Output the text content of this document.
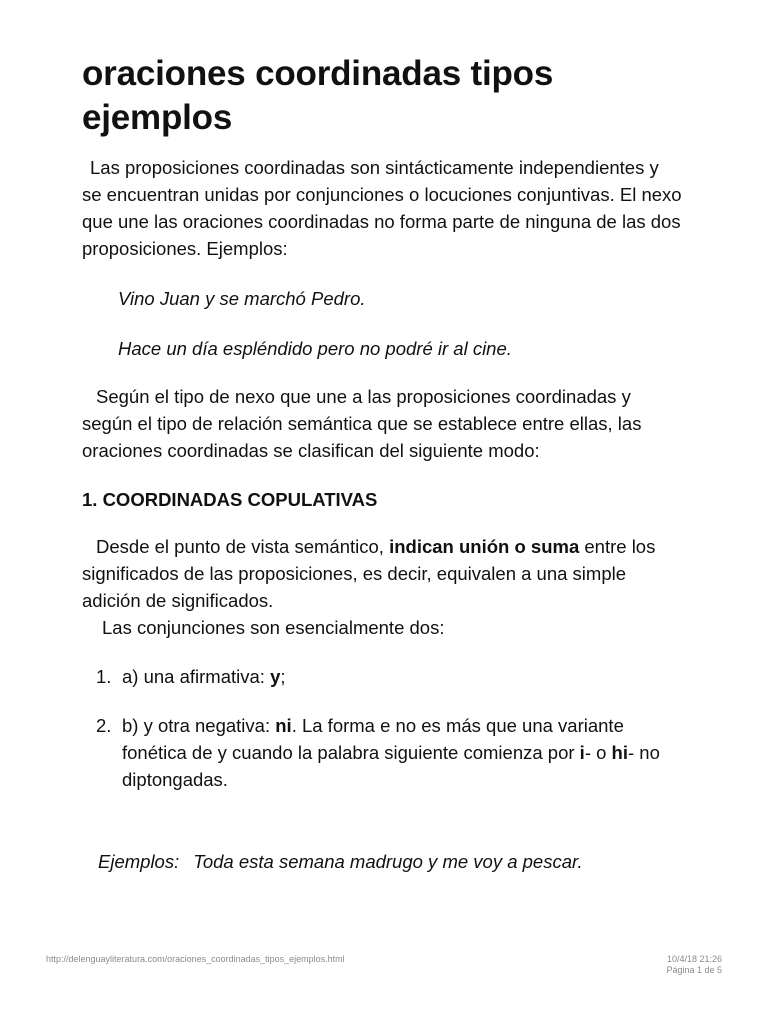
oraciones coordinadas tipos ejemplos

Las proposiciones coordinadas son sintácticamente independientes y se encuentran unidas por conjunciones o locuciones conjuntivas. El nexo que une las oraciones coordinadas no forma parte de ninguna de las dos proposiciones. Ejemplos:

Vino Juan y se marchó Pedro.

Hace un día espléndido pero no podré ir al cine.

Según el tipo de nexo que une a las proposiciones coordinadas y según el tipo de relación semántica que se establece entre ellas, las oraciones coordinadas se clasifican del siguiente modo:

1. COORDINADAS COPULATIVAS

Desde el punto de vista semántico, indican unión o suma entre los significados de las proposiciones, es decir, equivalen a una simple adición de significados.

Las conjunciones son esencialmente dos:

1. a) una afirmativa: y;
2. b) y otra negativa: ni. La forma e no es más que una variante fonética de y cuando la palabra siguiente comienza por i- o hi- no diptongadas.

Ejemplos: Toda esta semana madrugo y me voy a pescar.

http://delenguayliteratura.com/oraciones_coordinadas_tipos_ejemplos.html	10/4/18 21:26
Página 1 de 5
